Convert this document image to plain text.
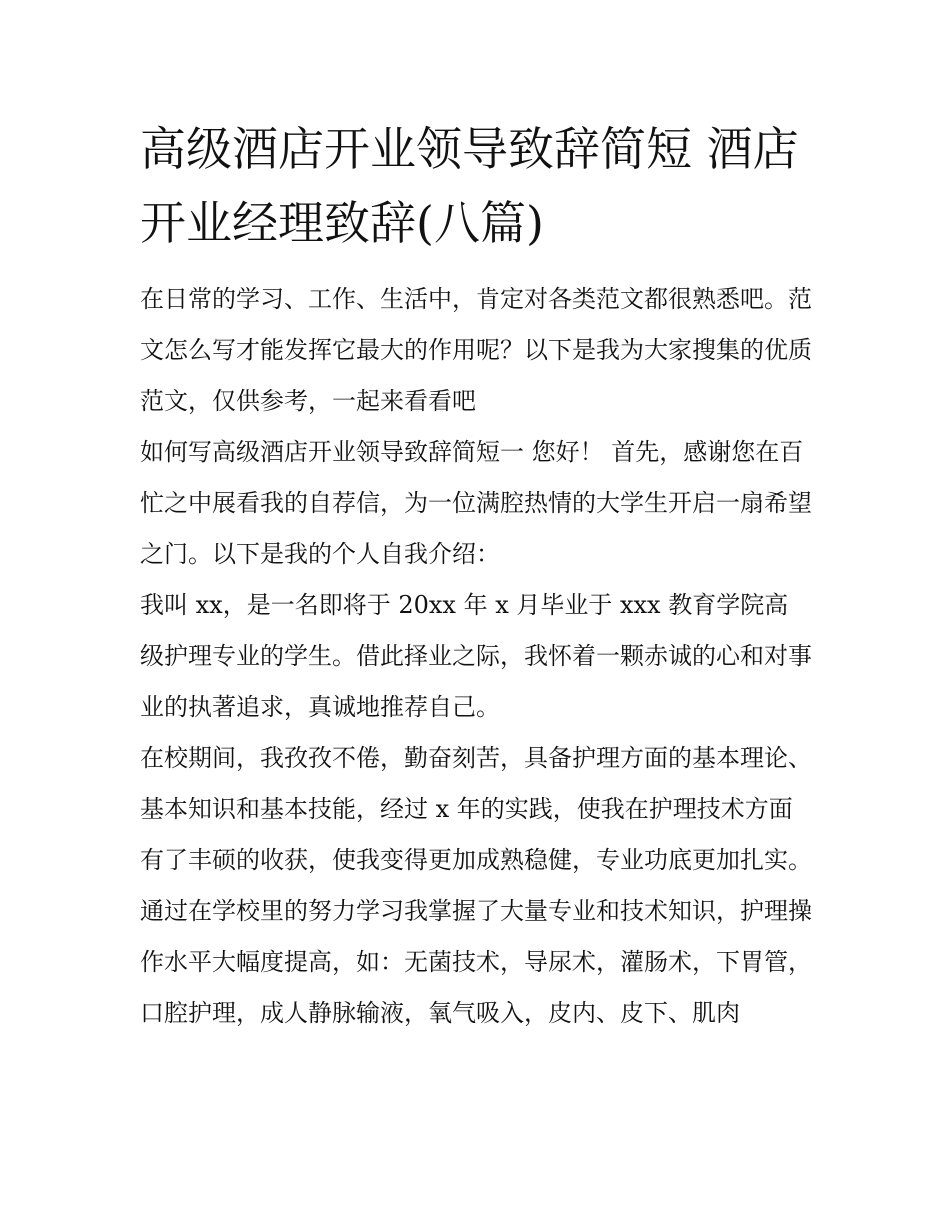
高级酒店开业领导致辞简短 酒店开业经理致辞(八篇)

在日常的学习、工作、生活中，肯定对各类范文都很熟悉吧。范文怎么写才能发挥它最大的作用呢？以下是我为大家搜集的优质范文，仅供参考，一起来看看吧

如何写高级酒店开业领导致辞简短一 您好！ 首先，感谢您在百忙之中展看我的自荐信，为一位满腔热情的大学生开启一扇希望之门。以下是我的个人自我介绍：

我叫 xx，是一名即将于 20xx 年 x 月毕业于 xxx 教育学院高级护理专业的学生。借此择业之际，我怀着一颗赤诚的心和对事业的执著追求，真诚地推荐自己。

在校期间，我孜孜不倦，勤奋刻苦，具备护理方面的基本理论、基本知识和基本技能，经过 x 年的实践，使我在护理技术方面有了丰硕的收获，使我变得更加成熟稳健，专业功底更加扎实。

通过在学校里的努力学习我掌握了大量专业和技术知识，护理操作水平大幅度提高，如：无菌技术，导尿术，灌肠术，下胃管，口腔护理，成人静脉输液，氧气吸入，皮内、皮下、肌肉
